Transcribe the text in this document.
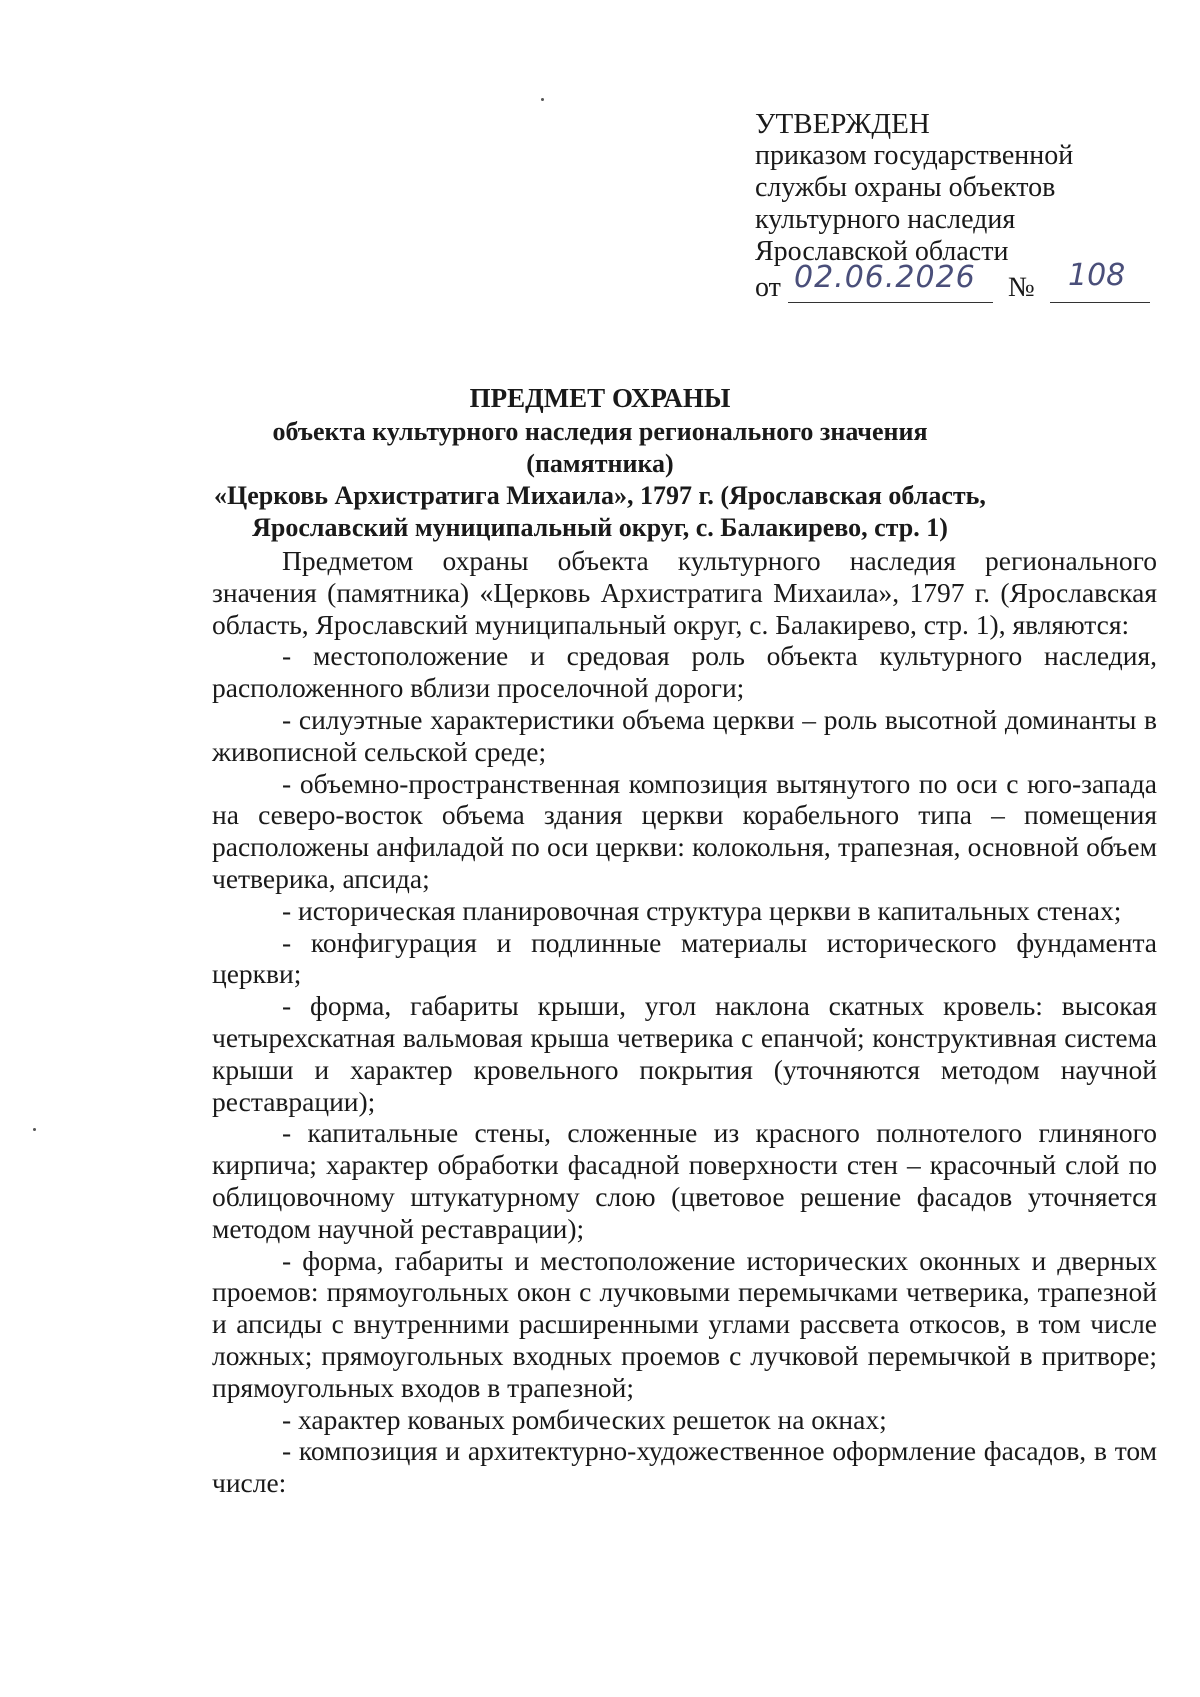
УТВЕРЖДЕН
приказом государственной
службы охраны объектов
культурного наследия
Ярославской области
от 02.06.2026 № 108
ПРЕДМЕТ ОХРАНЫ
объекта культурного наследия регионального значения (памятника)
«Церковь Архистратига Михаила», 1797 г. (Ярославская область,
Ярославский муниципальный округ, с. Балакирево, стр. 1)

Предметом охраны объекта культурного наследия регионального значения (памятника) «Церковь Архистратига Михаила», 1797 г. (Ярославская область, Ярославский муниципальный округ, с. Балакирево, стр. 1), являются:

- местоположение и средовая роль объекта культурного наследия, расположенного вблизи проселочной дороги;

- силуэтные характеристики объема церкви – роль высотной доминанты в живописной сельской среде;

- объемно-пространственная композиция вытянутого по оси с юго-запада на северо-восток объема здания церкви корабельного типа – помещения расположены анфиладой по оси церкви: колокольня, трапезная, основной объем четверика, апсида;

- историческая планировочная структура церкви в капитальных стенах;

- конфигурация и подлинные материалы исторического фундамента церкви;

- форма, габариты крыши, угол наклона скатных кровель: высокая четырехскатная вальмовая крыша четверика с епанчой; конструктивная система крыши и характер кровельного покрытия (уточняются методом научной реставрации);

- капитальные стены, сложенные из красного полнотелого глиняного кирпича; характер обработки фасадной поверхности стен – красочный слой по облицовочному штукатурному слою (цветовое решение фасадов уточняется методом научной реставрации);

- форма, габариты и местоположение исторических оконных и дверных проемов: прямоугольных окон с лучковыми перемычками четверика, трапезной и апсиды с внутренними расширенными углами рассвета откосов, в том числе ложных; прямоугольных входных проемов с лучковой перемычкой в притворе; прямоугольных входов в трапезной;

- характер кованых ромбических решеток на окнах;

- композиция и архитектурно-художественное оформление фасадов, в том числе:
